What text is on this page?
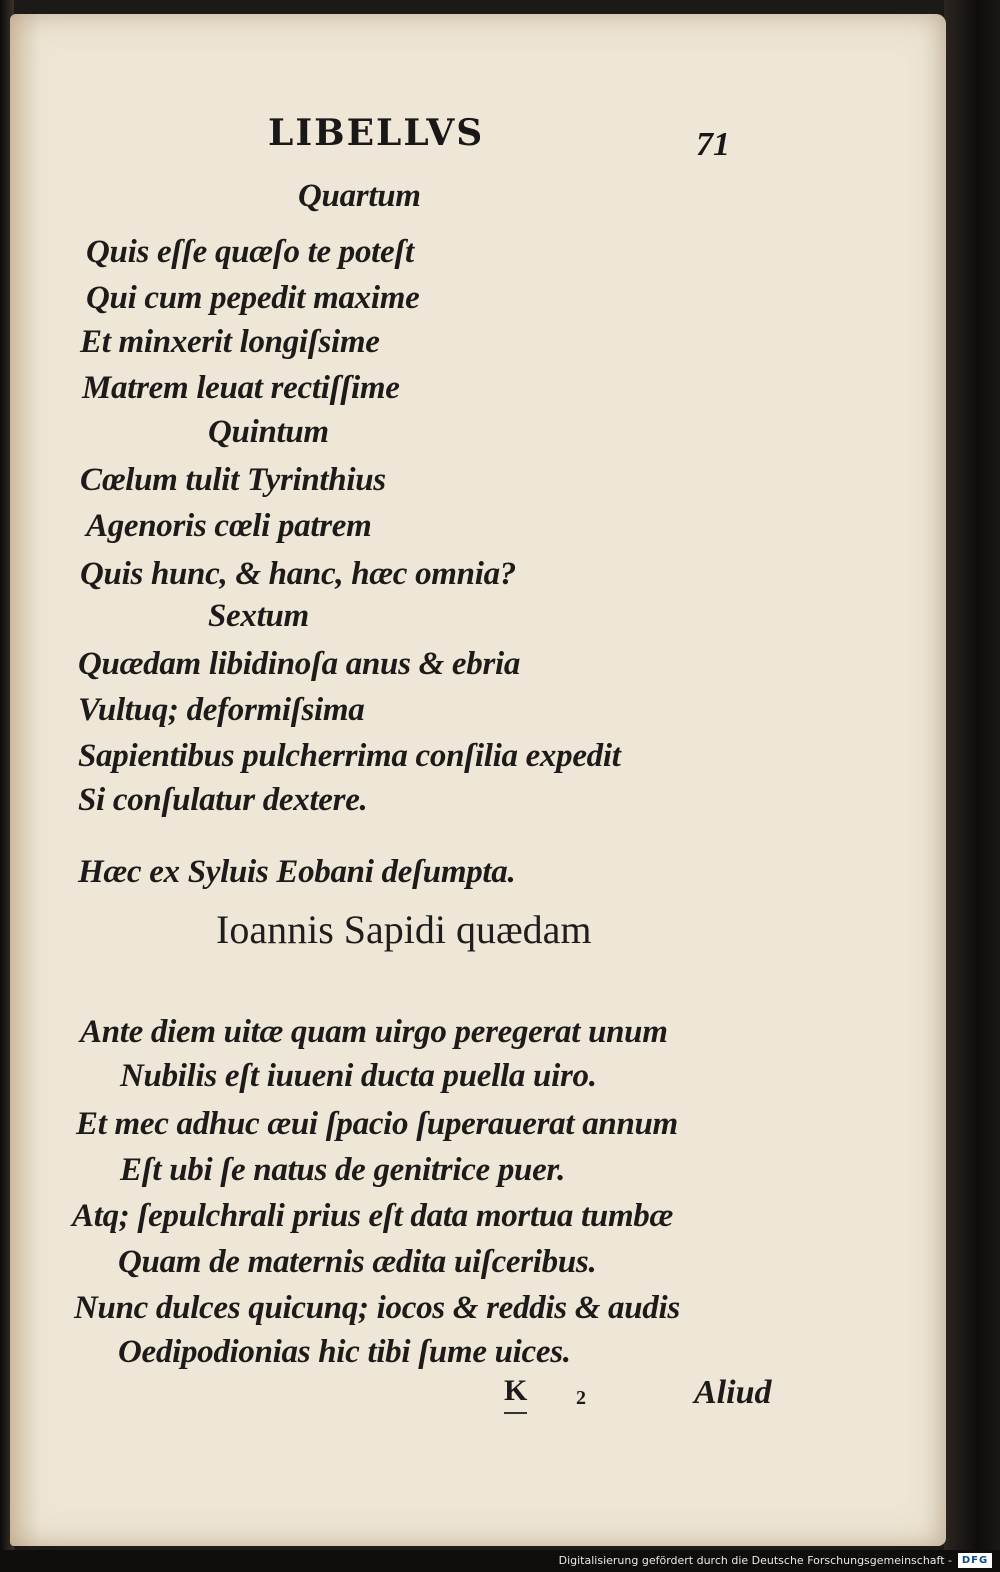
LIBELLVS	71
Quartum
Quis eſſe quæſo te poteſt
Qui cum pepedit maxime
Et minxerit longiſsime
Matrem leuat rectiſſime
Quintum
Cœlum tulit Tyrinthius
Agenoris cœli patrem
Quis hunc, & hanc, hæc omnia?
Sextum
Quædam libidinoſa anus & ebria
Vultuq; deformiſsima
Sapientibus pulcherrima conſilia expedit
Si conſulatur dextere.
Hæc ex Syluis Eobani deſumpta.
Ioannis Sapidi quædam
Ante diem uitæ quam uirgo peregerat unum
Nubilis eſt iuueni ducta puella uiro.
Et mec adhuc æui ſpacio ſuperauerat annum
Eſt ubi ſe natus de genitrice puer.
Atq; ſepulchrali prius eſt data mortua tumbæ
Quam de maternis ædita uiſceribus.
Nunc dulces quicunq; iocos & reddis & audis
Oedipodionias hic tibi ſume uices.
K 2	Aliud
Digitalisierung gefördert durch die Deutsche Forschungsgemeinschaft - DFG
